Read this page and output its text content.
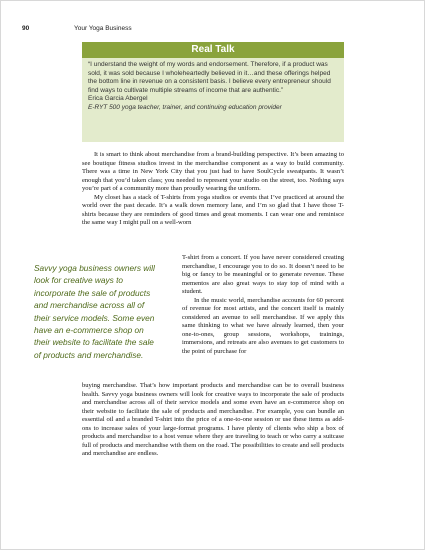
90	Your Yoga Business
Real Talk

“I understand the weight of my words and endorsement. Therefore, if a product was sold, it was sold because I wholeheartedly believed in it…and these offerings helped the bottom line in revenue on a consistent basis. I believe every entrepreneur should find ways to cultivate multiple streams of income that are authentic.”

Erica Garcia Abergel

E-RYT 500 yoga teacher, trainer, and continuing education provider

It is smart to think about merchandise from a brand-building perspective. It’s been amazing to see boutique fitness studios invest in the merchandise component as a way to build community. There was a time in New York City that you just had to have SoulCycle sweatpants. It wasn’t enough that you’d taken class; you needed to represent your studio on the street, too. Nothing says you’re part of a community more than proudly wearing the uniform.

My closet has a stack of T-shirts from yoga studios or events that I’ve practiced at around the world over the past decade. It’s a walk down memory lane, and I’m so glad that I have those T-shirts because they are reminders of good times and great moments. I can wear one and reminisce the same way I might pull on a well-worn

Savvy yoga business owners will look for creative ways to incorporate the sale of products and merchandise across all of their service models. Some even have an e-commerce shop on their website to facilitate the sale of products and merchandise.

T-shirt from a concert. If you have never considered creating merchandise, I encourage you to do so. It doesn’t need to be big or fancy to be meaningful or to generate revenue. These mementos are also great ways to stay top of mind with a student.

In the music world, merchandise accounts for 60 percent of revenue for most artists, and the concert itself is mainly considered an avenue to sell merchandise. If we apply this same thinking to what we have already learned, then your one-to-ones, group sessions, workshops, trainings, immersions, and retreats are also avenues to get customers to the point of purchase for

buying merchandise. That’s how important products and merchandise can be to overall business health. Savvy yoga business owners will look for creative ways to incorporate the sale of products and merchandise across all of their service models and some even have an e-commerce shop on their website to facilitate the sale of products and merchandise. For example, you can bundle an essential oil and a branded T-shirt into the price of a one-to-one session or use these items as add-ons to increase sales of your large-format programs. I have plenty of clients who ship a box of products and merchandise to a host venue where they are traveling to teach or who carry a suitcase full of products and merchandise with them on the road. The possibilities to create and sell products and merchandise are endless.
